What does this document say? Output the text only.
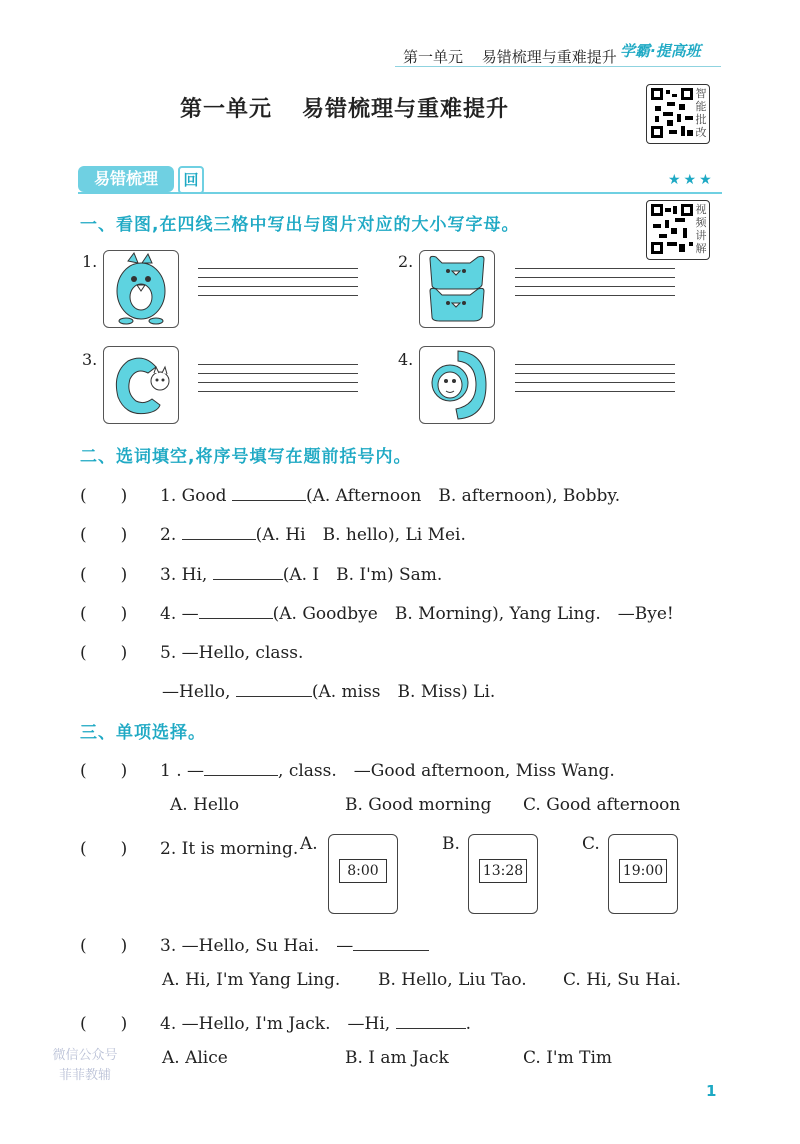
第一单元 易错梳理与重难提升 学霸·提高班
第一单元 易错梳理与重难提升
智
能
批
改
易错梳理	回	★★★
视
频
讲
解
一、看图,在四线三格中写出与图片对应的大小写字母。
1.	2.
3.	4.
二、选词填空,将序号填写在题前括号内。
(　　) 1. Good	(A. Afternoon　B. afternoon), Bobby.
(　　) 2.	(A. Hi　B. hello), Li Mei.
(　　) 3. Hi,	(A. I　B. I'm) Sam.
(　　) 4. —	(A. Goodbye　B. Morning), Yang Ling.　—Bye!
(　　) 5. —Hello, class.
—Hello,	(A. miss　B. Miss) Li.
三、单项选择。
(　　) 1 . —	, class.　—Good afternoon, Miss Wang.
A. Hello	B. Good morning C. Good afternoon
(　　) 2. It is morning. A.
8:00
B.
13:28
C.
19:00
(　　) 3. —Hello, Su Hai.　—
A. Hi, I'm Yang Ling. B. Hello, Liu Tao. C. Hi, Su Hai.
(　　) 4. —Hello, I'm Jack.　—Hi,	.
A. Alice	B. I am Jack	C. I'm Tim
微信公众号
菲菲教辅
1
